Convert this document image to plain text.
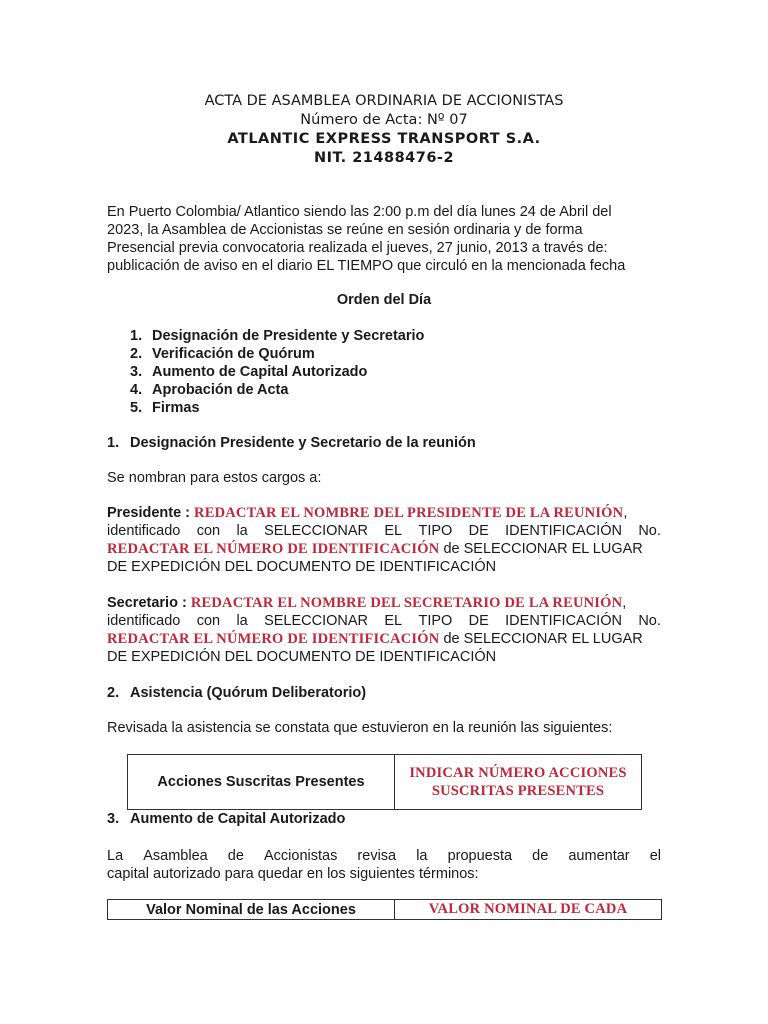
ACTA DE ASAMBLEA ORDINARIA DE ACCIONISTAS
Número de Acta: Nº 07
ATLANTIC EXPRESS TRANSPORT S.A.
NIT. 21488476-2
En Puerto Colombia/ Atlantico siendo las 2:00 p.m del día lunes 24 de Abril del
2023, la Asamblea de Accionistas se reúne en sesión ordinaria y de forma
Presencial previa convocatoria realizada el jueves, 27 junio, 2013 a través de:
publicación de aviso en el diario EL TIEMPO que circuló en la mencionada fecha
Orden del Día
1. Designación de Presidente y Secretario
2. Verificación de Quórum
3. Aumento de Capital Autorizado
4. Aprobación de Acta
5. Firmas
1. Designación Presidente y Secretario de la reunión
Se nombran para estos cargos a:
Presidente : REDACTAR EL NOMBRE DEL PRESIDENTE DE LA REUNIÓN,
identificado con la SELECCIONAR EL TIPO DE IDENTIFICACIÓN No.
REDACTAR EL NÚMERO DE IDENTIFICACIÓN de SELECCIONAR EL LUGAR
DE EXPEDICIÓN DEL DOCUMENTO DE IDENTIFICACIÓN
Secretario : REDACTAR EL NOMBRE DEL SECRETARIO DE LA REUNIÓN,
identificado con la SELECCIONAR EL TIPO DE IDENTIFICACIÓN No.
REDACTAR EL NÚMERO DE IDENTIFICACIÓN de SELECCIONAR EL LUGAR
DE EXPEDICIÓN DEL DOCUMENTO DE IDENTIFICACIÓN
2. Asistencia (Quórum Deliberatorio)
Revisada la asistencia se constata que estuvieron en la reunión las siguientes:
Acciones Suscritas Presentes
INDICAR NÚMERO ACCIONES
SUSCRITAS PRESENTES
3. Aumento de Capital Autorizado
La Asamblea de Accionistas revisa la propuesta de aumentar el
capital autorizado para quedar en los siguientes términos:
Valor Nominal de las Acciones	VALOR NOMINAL DE CADA
